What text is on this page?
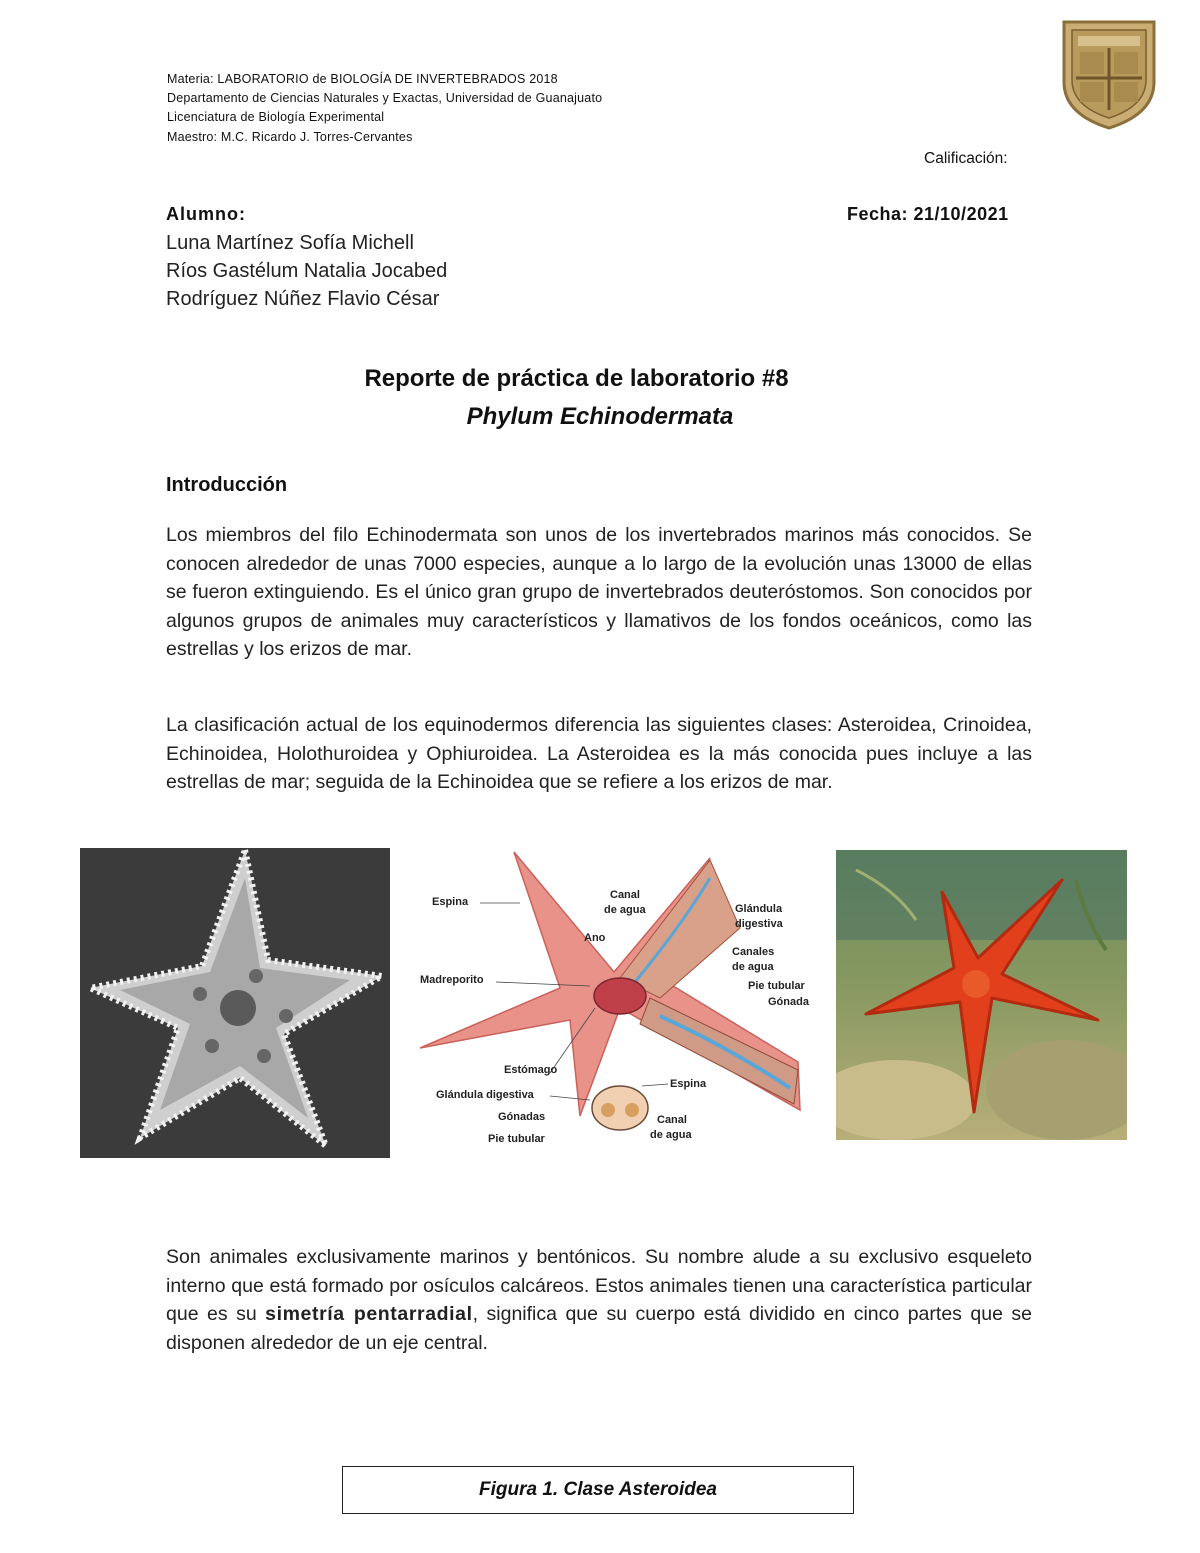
Materia: LABORATORIO de BIOLOGÍA DE INVERTEBRADOS 2018
Departamento de Ciencias Naturales y Exactas, Universidad de Guanajuato
Licenciatura de Biología Experimental
Maestro: M.C. Ricardo J. Torres-Cervantes
Calificación:
Alumno:	Fecha: 21/10/2021
Luna Martínez Sofía Michell
Ríos Gastélum Natalia Jocabed
Rodríguez Núñez Flavio César
Reporte de práctica de laboratorio #8
Phylum Echinodermata
Introducción
Los miembros del filo Echinodermata son unos de los invertebrados marinos más conocidos. Se conocen alrededor de unas 7000 especies, aunque a lo largo de la evolución unas 13000 de ellas se fueron extinguiendo. Es el único gran grupo de invertebrados deuteróstomos. Son conocidos por algunos grupos de animales muy característicos y llamativos de los fondos oceánicos, como las estrellas y los erizos de mar.
La clasificación actual de los equinodermos diferencia las siguientes clases: Asteroidea, Crinoidea, Echinoidea, Holothuroidea y Ophiuroidea. La Asteroidea es la más conocida pues incluye a las estrellas de mar; seguida de la Echinoidea que se refiere a los erizos de mar.
Espina
Canal
de agua	Glándula
digestiva
Ano
Canales
de agua
Madreporito	Pie tubular
Gónada
Estómago
Espina
Glándula digestiva
Gónadas	Canal
de agua
Pie tubular
Son animales exclusivamente marinos y bentónicos. Su nombre alude a su exclusivo esqueleto interno que está formado por osículos calcáreos. Estos animales tienen una característica particular que es su simetría pentarradial, significa que su cuerpo está dividido en cinco partes que se disponen alrededor de un eje central.
Figura 1. Clase Asteroidea
